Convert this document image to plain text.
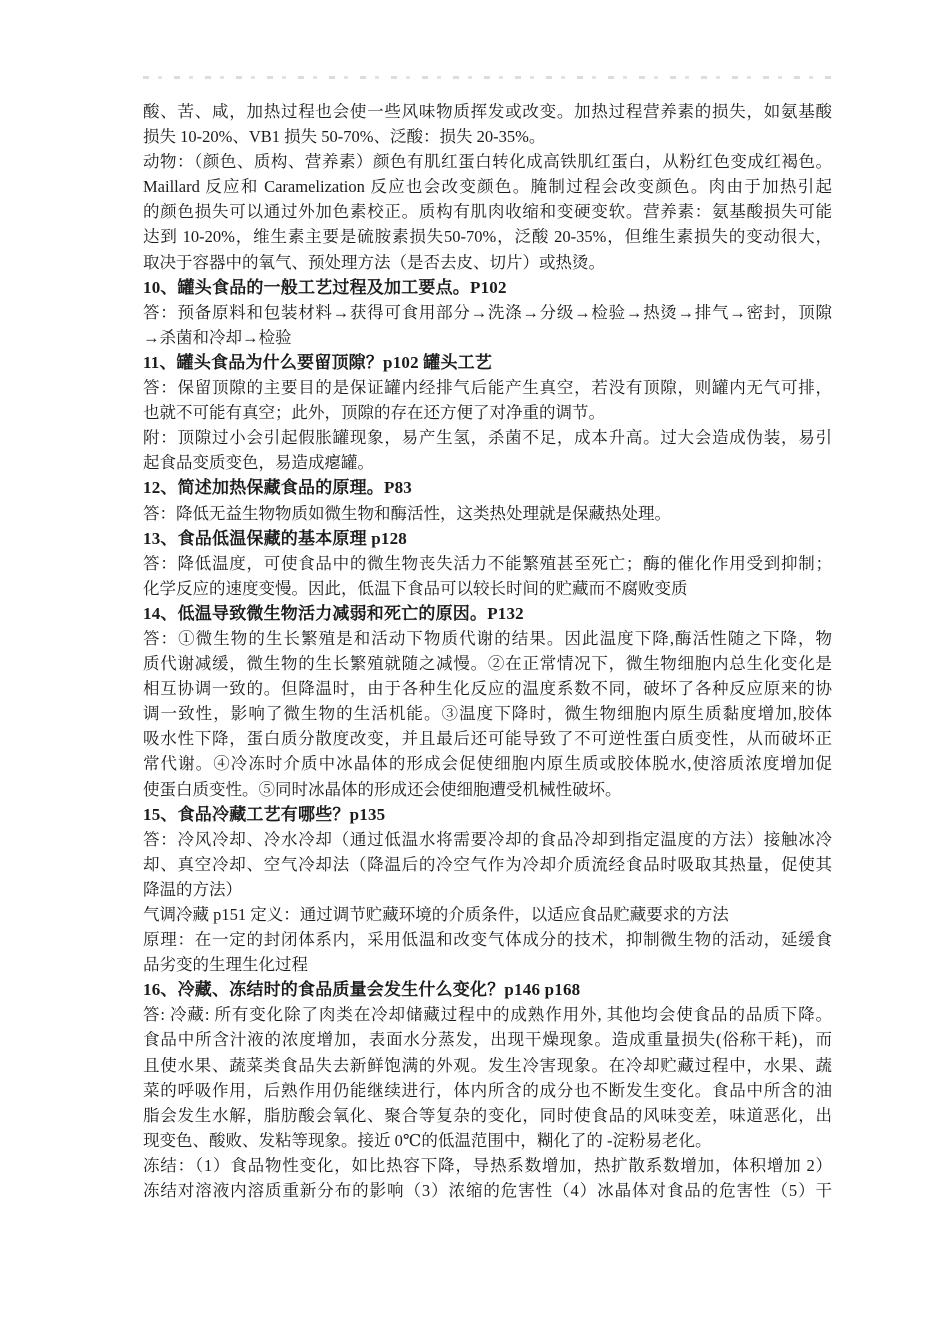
酸、苦、咸，加热过程也会使一些风味物质挥发或改变。加热过程营养素的损失，如氨基酸
损失 10-20%、VB1 损失 50-70%、泛酸：损失 20-35%。
动物：（颜色、质构、营养素）颜色有肌红蛋白转化成高铁肌红蛋白，从粉红色变成红褐色。
Maillard 反应和 Caramelization 反应也会改变颜色。腌制过程会改变颜色。肉由于加热引起
的颜色损失可以通过外加色素校正。质构有肌肉收缩和变硬变软。营养素：氨基酸损失可能
达到 10-20%，维生素主要是硫胺素损失50-70%，泛酸 20-35%，但维生素损失的变动很大，
取决于容器中的氧气、预处理方法（是否去皮、切片）或热烫。
10、罐头食品的一般工艺过程及加工要点。P102
答：预备原料和包装材料→获得可食用部分→洗涤→分级→检验→热烫→排气→密封，顶隙
→杀菌和冷却→检验
11、罐头食品为什么要留顶隙？p102 罐头工艺
答：保留顶隙的主要目的是保证罐内经排气后能产生真空，若没有顶隙，则罐内无气可排，
也就不可能有真空；此外，顶隙的存在还方便了对净重的调节。
附：顶隙过小会引起假胀罐现象，易产生氢，杀菌不足，成本升高。过大会造成伪装，易引
起食品变质变色，易造成瘪罐。
12、简述加热保藏食品的原理。P83
答：降低无益生物物质如微生物和酶活性，这类热处理就是保藏热处理。
13、食品低温保藏的基本原理 p128
答：降低温度，可使食品中的微生物丧失活力不能繁殖甚至死亡；酶的催化作用受到抑制；
化学反应的速度变慢。因此，低温下食品可以较长时间的贮藏而不腐败变质
14、低温导致微生物活力减弱和死亡的原因。P132
答：①微生物的生长繁殖是和活动下物质代谢的结果。因此温度下降,酶活性随之下降，物
质代谢减缓，微生物的生长繁殖就随之减慢。②在正常情况下，微生物细胞内总生化变化是
相互协调一致的。但降温时，由于各种生化反应的温度系数不同，破坏了各种反应原来的协
调一致性，影响了微生物的生活机能。③温度下降时，微生物细胞内原生质黏度增加,胶体
吸水性下降，蛋白质分散度改变，并且最后还可能导致了不可逆性蛋白质变性，从而破坏正
常代谢。④冷冻时介质中冰晶体的形成会促使细胞内原生质或胶体脱水,使溶质浓度增加促
使蛋白质变性。⑤同时冰晶体的形成还会使细胞遭受机械性破坏。
15、食品冷藏工艺有哪些？p135
答：冷风冷却、冷水冷却（通过低温水将需要冷却的食品冷却到指定温度的方法）接触冰冷
却、真空冷却、空气冷却法（降温后的冷空气作为冷却介质流经食品时吸取其热量，促使其
降温的方法）
气调冷藏 p151 定义：通过调节贮藏环境的介质条件，以适应食品贮藏要求的方法
原理：在一定的封闭体系内，采用低温和改变气体成分的技术，抑制微生物的活动，延缓食
品劣变的生理生化过程
16、冷藏、冻结时的食品质量会发生什么变化？p146 p168
答: 冷藏: 所有变化除了肉类在冷却储藏过程中的成熟作用外, 其他均会使食品的品质下降。
食品中所含汁液的浓度增加，表面水分蒸发，出现干燥现象。造成重量损失(俗称干耗)，而
且使水果、蔬菜类食品失去新鲜饱满的外观。发生冷害现象。在冷却贮藏过程中，水果、蔬
菜的呼吸作用，后熟作用仍能继续进行，体内所含的成分也不断发生变化。食品中所含的油
脂会发生水解，脂肪酸会氧化、聚合等复杂的变化，同时使食品的风味变差，味道恶化，出
现变色、酸败、发粘等现象。接近 0℃的低温范围中，糊化了的 -淀粉易老化。
冻结：（1）食品物性变化，如比热容下降，导热系数增加，热扩散系数增加，体积增加 2）
冻结对溶液内溶质重新分布的影响（3）浓缩的危害性（4）冰晶体对食品的危害性（5）干
